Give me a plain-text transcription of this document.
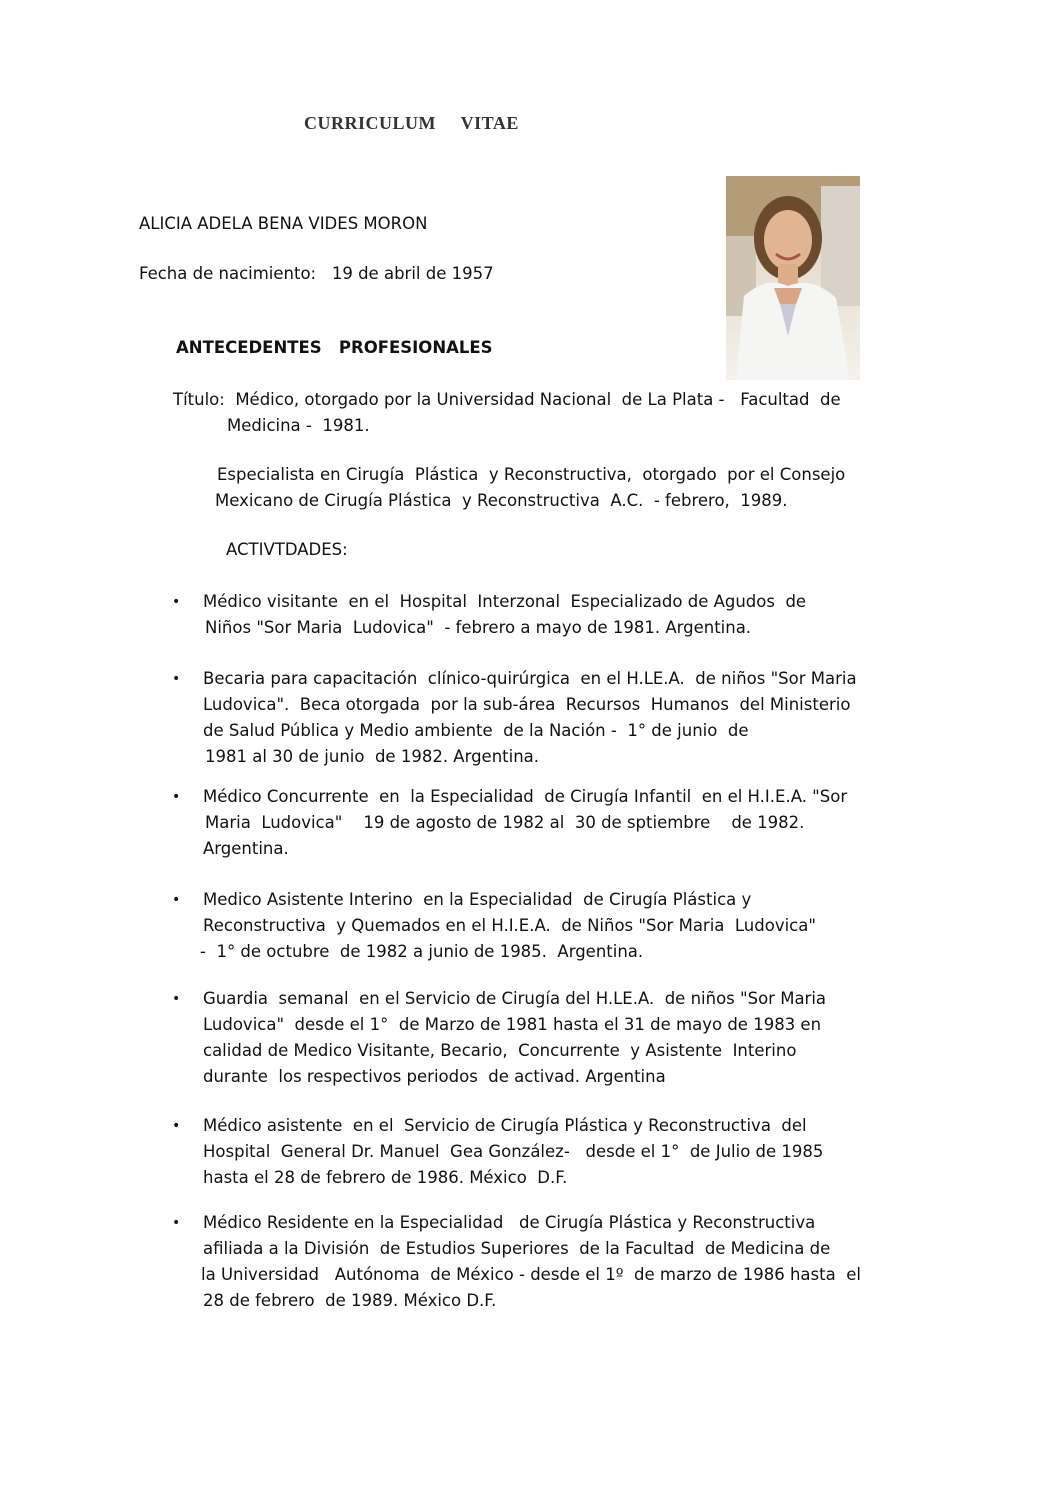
CURRICULUM     VITAE
ALICIA ADELA BENA VIDES MORON
Fecha de nacimiento:   19 de abril de 1957
ANTECEDENTES   PROFESIONALES
Título:  Médico, otorgado por la Universidad Nacional  de La Plata -   Facultad  de
Medicina -  1981.
Especialista en Cirugía  Plástica  y Reconstructiva,  otorgado  por el Consejo
Mexicano de Cirugía Plástica  y Reconstructiva  A.C.  - febrero,  1989.
ACTIVTDADES:
• Médico visitante  en el  Hospital  Interzonal  Especializado de Agudos  de
Niños "Sor Maria  Ludovica"  - febrero a mayo de 1981. Argentina.
• Becaria para capacitación  clínico-quirúrgica  en el H.LE.A.  de niños "Sor Maria
Ludovica".  Beca otorgada  por la sub-área  Recursos  Humanos  del Ministerio
de Salud Pública y Medio ambiente  de la Nación -  1° de junio  de
1981 al 30 de junio  de 1982. Argentina.
• Médico Concurrente  en  la Especialidad  de Cirugía Infantil  en el H.I.E.A. "Sor
Maria  Ludovica"    19 de agosto de 1982 al  30 de sptiembre    de 1982.
Argentina.
• Medico Asistente Interino  en la Especialidad  de Cirugía Plástica y
Reconstructiva  y Quemados en el H.I.E.A.  de Niños "Sor Maria  Ludovica"
-  1° de octubre  de 1982 a junio de 1985.  Argentina.
• Guardia  semanal  en el Servicio de Cirugía del H.LE.A.  de niños "Sor Maria
Ludovica"  desde el 1°  de Marzo de 1981 hasta el 31 de mayo de 1983 en
calidad de Medico Visitante, Becario,  Concurrente  y Asistente  Interino
durante  los respectivos periodos  de activad. Argentina
• Médico asistente  en el  Servicio de Cirugía Plástica y Reconstructiva  del
Hospital  General Dr. Manuel  Gea González-   desde el 1°  de Julio de 1985
hasta el 28 de febrero de 1986. México  D.F.
• Médico Residente en la Especialidad   de Cirugía Plástica y Reconstructiva
afiliada a la División  de Estudios Superiores  de la Facultad  de Medicina de
la Universidad   Autónoma  de México - desde el 1º  de marzo de 1986 hasta  el
28 de febrero  de 1989. México D.F.
